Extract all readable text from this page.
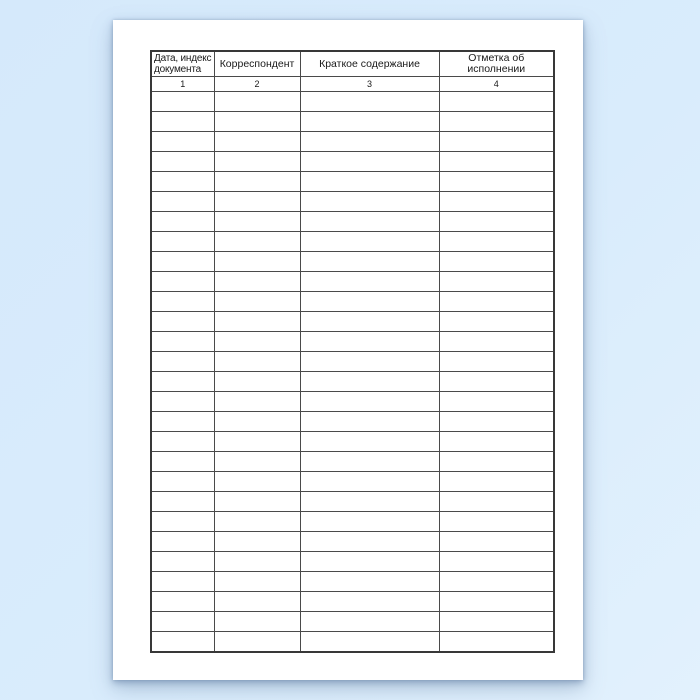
Дата, индекс
документа	Корреспондент	Краткое содержание	Отметка об исполнении
1	2	3	4
